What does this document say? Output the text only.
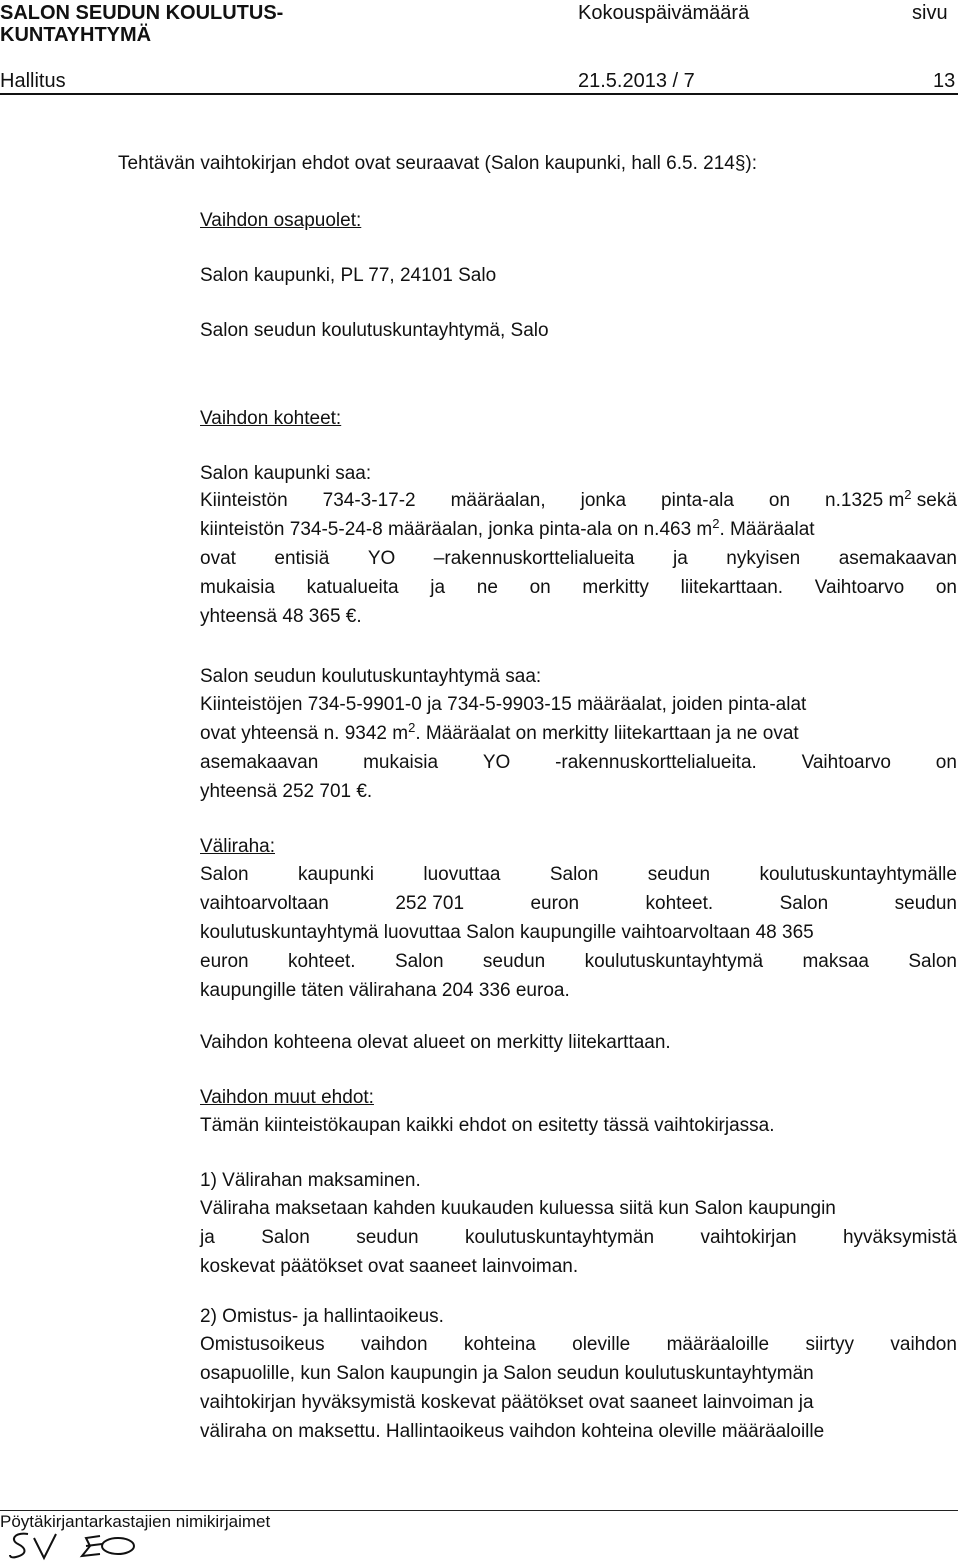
SALON SEUDUN KOULUTUS-
KUNTAYHTYMÄ
Kokouspäivämäärä	sivu
Hallitus	21.5.2013 / 7	13
Tehtävän vaihtokirjan ehdot ovat seuraavat (Salon kaupunki, hall 6.5. 214§):
Vaihdon osapuolet:
Salon kaupunki, PL 77, 24101 Salo
Salon seudun koulutuskuntayhtymä, Salo
Vaihdon kohteet:
Salon kaupunki saa:
Kiinteistön 734-3-17-2 määräalan, jonka pinta-ala on n.1325 $m^2$ sekä
kiinteistön 734-5-24-8 määräalan, jonka pinta-ala on n.463 $m^2$. Määräalat
ovat entisiä YO –rakennuskorttelialueita ja nykyisen asemakaavan
mukaisia katualueita ja ne on merkitty liitekarttaan. Vaihtoarvo on
yhteensä 48 365 €.
Salon seudun koulutuskuntayhtymä saa:
Kiinteistöjen 734-5-9901-0 ja 734-5-9903-15 määräalat, joiden pinta-alat
ovat yhteensä n. 9342 $m^2$. Määräalat on merkitty liitekarttaan ja ne ovat
asemakaavan mukaisia YO -rakennuskorttelialueita. Vaihtoarvo on
yhteensä 252 701 €.
Väliraha:
Salon	kaupunki	luovuttaa	Salon	seudun	koulutuskuntayhtymälle
vaihtoarvoltaan	252 701	euron	kohteet.	Salon	seudun
koulutuskuntayhtymä luovuttaa Salon kaupungille vaihtoarvoltaan 48 365
euron kohteet. Salon seudun koulutuskuntayhtymä maksaa Salon
kaupungille täten välirahana 204 336 euroa.
Vaihdon kohteena olevat alueet on merkitty liitekarttaan.
Vaihdon muut ehdot:
Tämän kiinteistökaupan kaikki ehdot on esitetty tässä vaihtokirjassa.
1) Välirahan maksaminen.
Väliraha maksetaan kahden kuukauden kuluessa siitä kun Salon kaupungin
ja Salon seudun koulutuskuntayhtymän vaihtokirjan hyväksymistä
koskevat päätökset ovat saaneet lainvoiman.
2) Omistus- ja hallintaoikeus.
Omistusoikeus vaihdon kohteina oleville määräaloille siirtyy vaihdon
osapuolille, kun Salon kaupungin ja Salon seudun koulutuskuntayhtymän
vaihtokirjan hyväksymistä koskevat päätökset ovat saaneet lainvoiman ja
väliraha on maksettu. Hallintaoikeus vaihdon kohteina oleville määräaloille
Pöytäkirjantarkastajien nimikirjaimet
